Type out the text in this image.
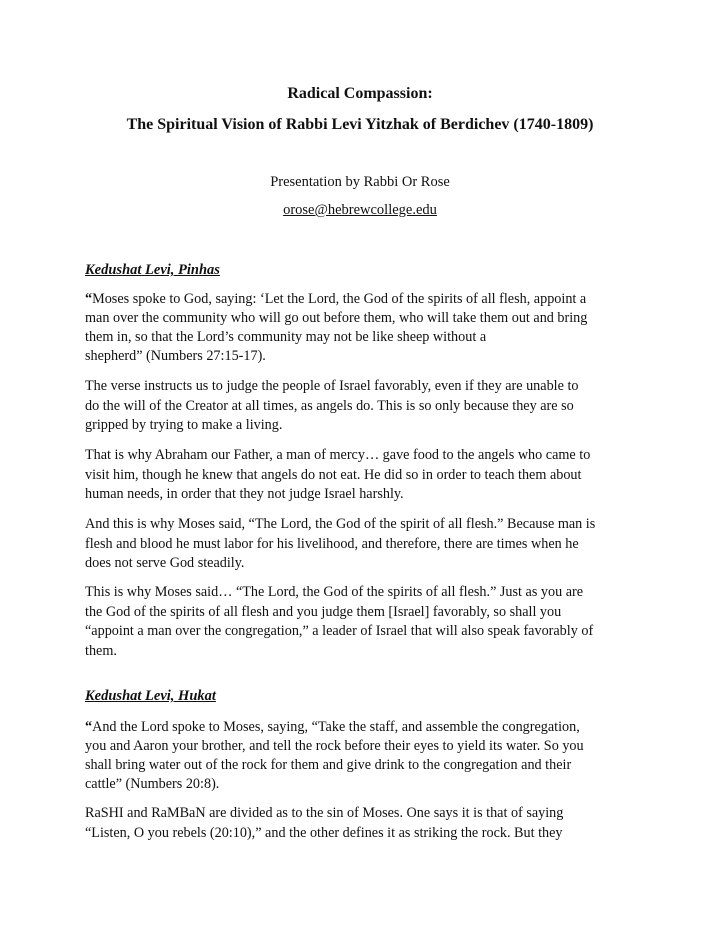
Radical Compassion:
The Spiritual Vision of Rabbi Levi Yitzhak of Berdichev (1740-1809)
Presentation by Rabbi Or Rose
orose@hebrewcollege.edu
Kedushat Levi, Pinhas
“Moses spoke to God, saying: ‘Let the Lord, the God of the spirits of all flesh, appoint a
man over the community who will go out before them, who will take them out and bring
them in, so that the Lord’s community may not be like sheep without a
shepherd” (Numbers 27:15-17).
The verse instructs us to judge the people of Israel favorably, even if they are unable to
do the will of the Creator at all times, as angels do. This is so only because they are so
gripped by trying to make a living.
That is why Abraham our Father, a man of mercy… gave food to the angels who came to
visit him, though he knew that angels do not eat. He did so in order to teach them about
human needs, in order that they not judge Israel harshly.
And this is why Moses said, “The Lord, the God of the spirit of all flesh.” Because man is
flesh and blood he must labor for his livelihood, and therefore, there are times when he
does not serve God steadily.
This is why Moses said… “The Lord, the God of the spirits of all flesh.” Just as you are
the God of the spirits of all flesh and you judge them [Israel] favorably, so shall you
“appoint a man over the congregation,” a leader of Israel that will also speak favorably of
them.
Kedushat Levi, Hukat
“And the Lord spoke to Moses, saying, “Take the staff, and assemble the congregation,
you and Aaron your brother, and tell the rock before their eyes to yield its water. So you
shall bring water out of the rock for them and give drink to the congregation and their
cattle” (Numbers 20:8).
RaSHI and RaMBaN are divided as to the sin of Moses. One says it is that of saying
“Listen, O you rebels (20:10),” and the other defines it as striking the rock. But they
